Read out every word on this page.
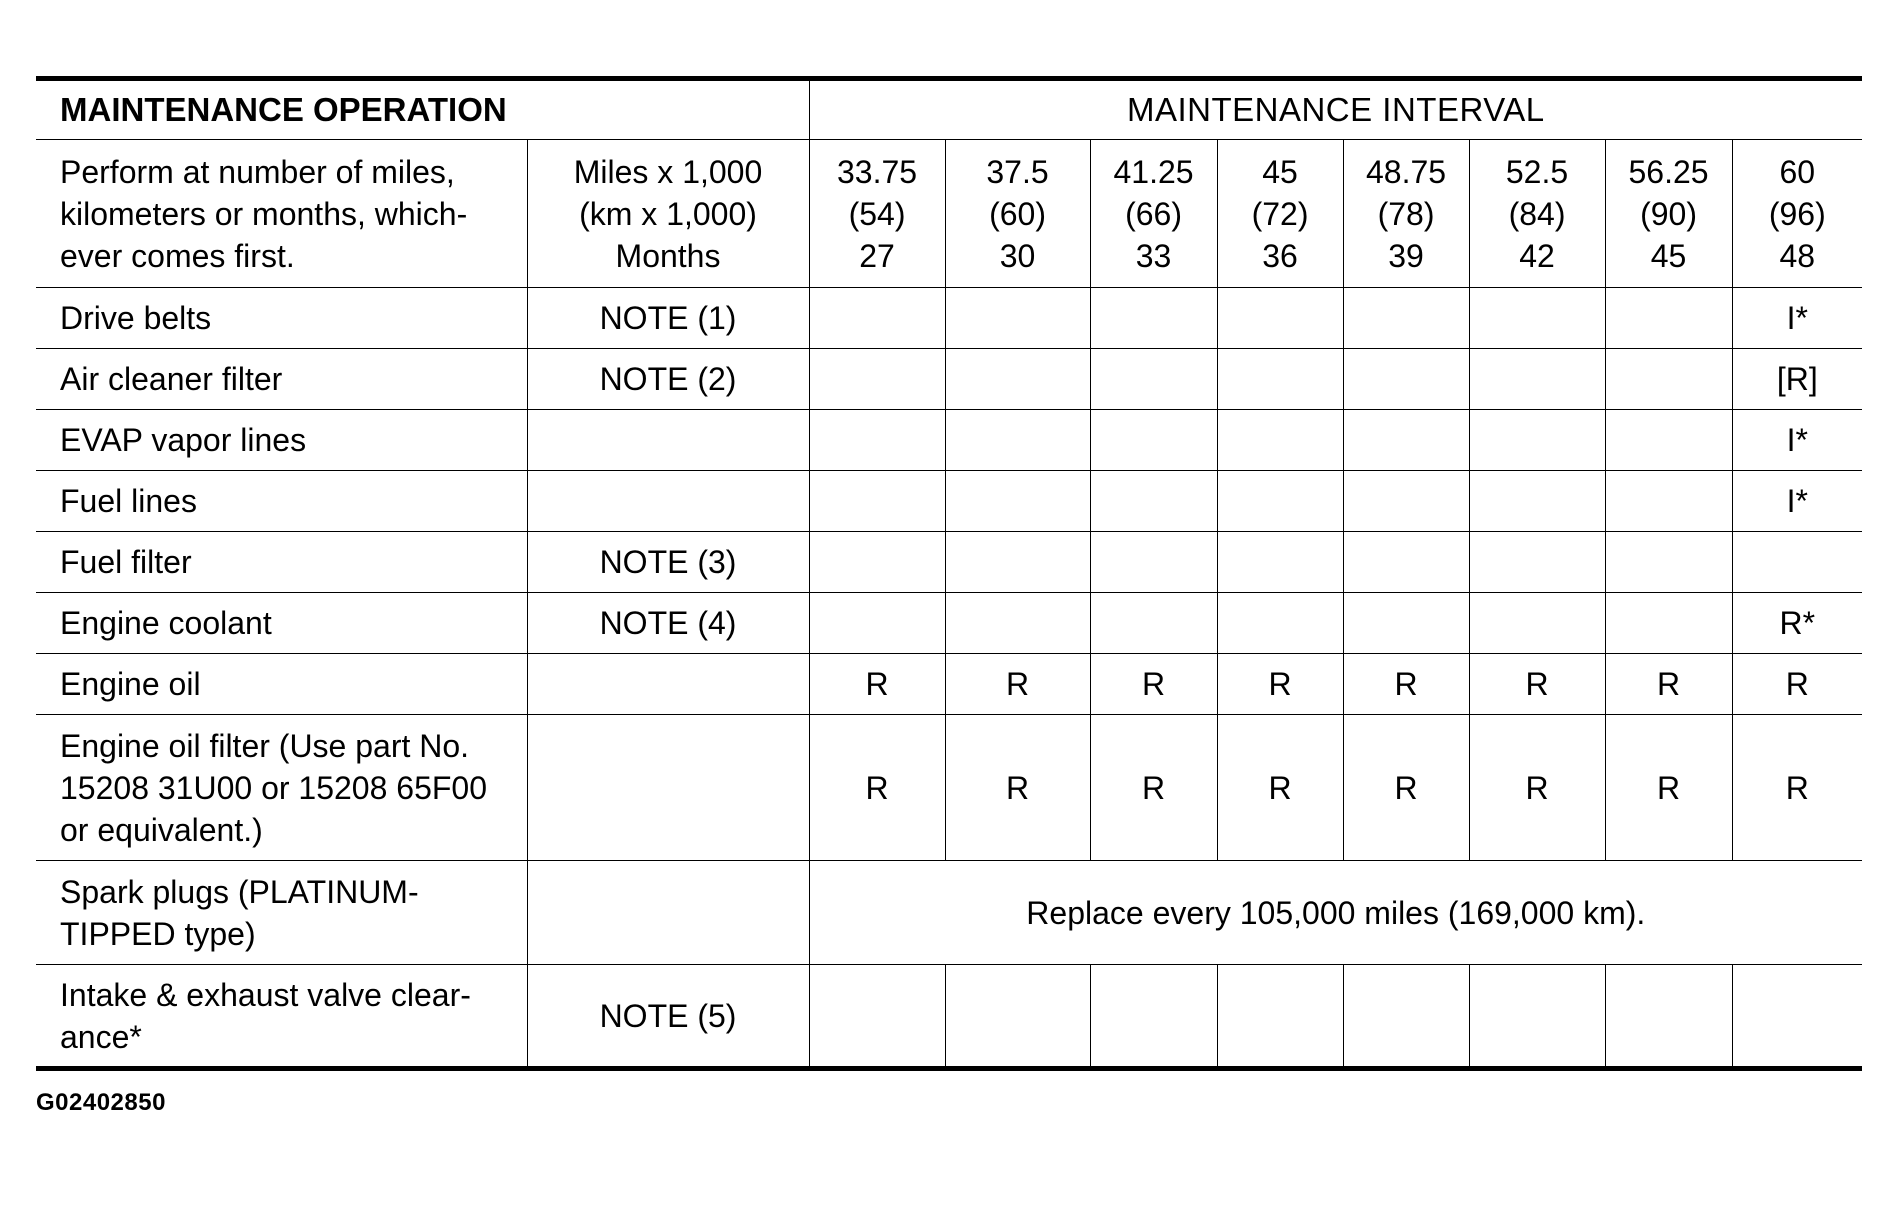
MAINTENANCE OPERATION		MAINTENANCE INTERVAL							

Perform at number of miles,
kilometers or months, which-
ever comes first.	Miles x 1,000
(km x 1,000)
Months	33.75
(54)
27	37.5
(60)
30	41.25
(66)
33	45
(72)
36	48.75
(78)
39	52.5
(84)
42	56.25
(90)
45	60
(96)
48

Drive belts	NOTE (1)								I*
Air cleaner filter	NOTE (2)								[R]
EVAP vapor lines									I*
Fuel lines									I*
Fuel filter	NOTE (3)								
Engine coolant	NOTE (4)								R*
Engine oil		R	R	R	R	R	R	R	R

Engine oil filter (Use part No.
15208 31U00 or 15208 65F00
or equivalent.)		R	R	R	R	R	R	R	R

Spark plugs (PLATINUM-
TIPPED type)		Replace every 105,000 miles (169,000 km).							

Intake & exhaust valve clear-
ance*	NOTE (5)								
G02402850
